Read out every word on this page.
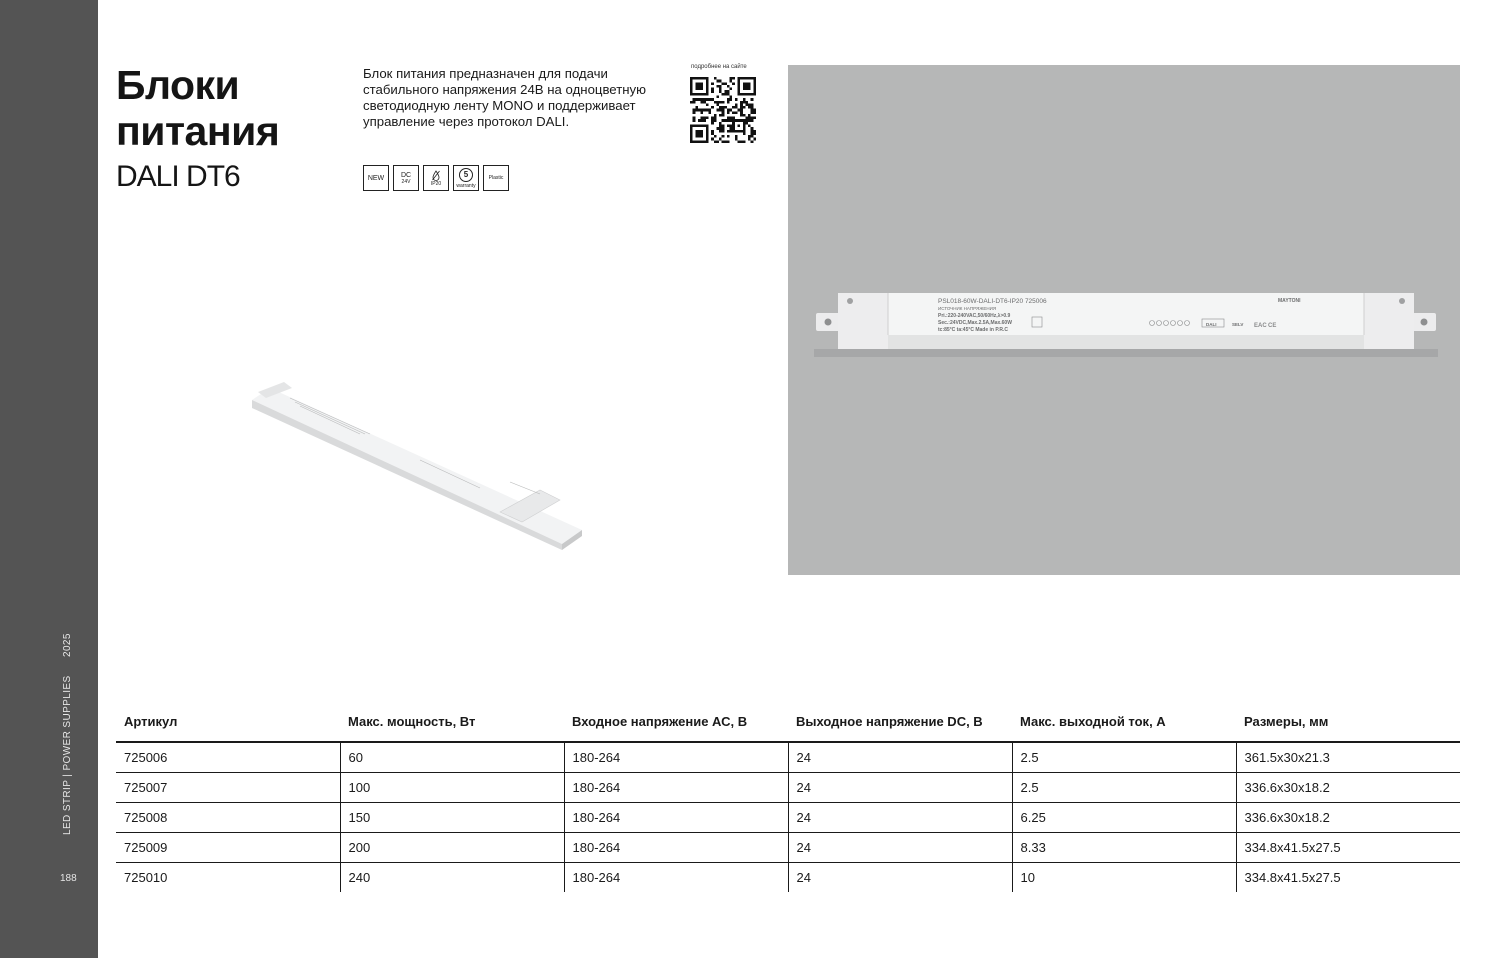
LED STRIP | POWER SUPPLIES
2025
188
Блоки
питания
DALI DT6
Блок питания предназначен для подачи стабильного напряжения 24В на одноцветную светодиодную ленту MONO и поддерживает управление через протокол DALI.
NEW DC
24V	IP20
5
warranty
Plastic
подробнее на сайте
PSL018-60W-DALI-DT6-IP20 725006
ИСТОЧНИК НАПРЯЖЕНИЯ
Pri.:220-240VAC,50/60Hz,λ>0.9
Sec.:24VDC,Max.2.5A,Max.60W
tc:85°C ta:45°C Made in P.R.C
MAYTONI
DALI	SELV EAC CE
Артикул	Макс. мощность, Вт	Входное напряжение АС, В	Выходное напряжение DC, В	Макс. выходной ток, А	Размеры, мм
725006	60	180-264	24	2.5	361.5x30x21.3
725007	100	180-264	24	2.5	336.6x30x18.2
725008	150	180-264	24	6.25	336.6x30x18.2
725009	200	180-264	24	8.33	334.8x41.5x27.5
725010	240	180-264	24	10	334.8x41.5x27.5
